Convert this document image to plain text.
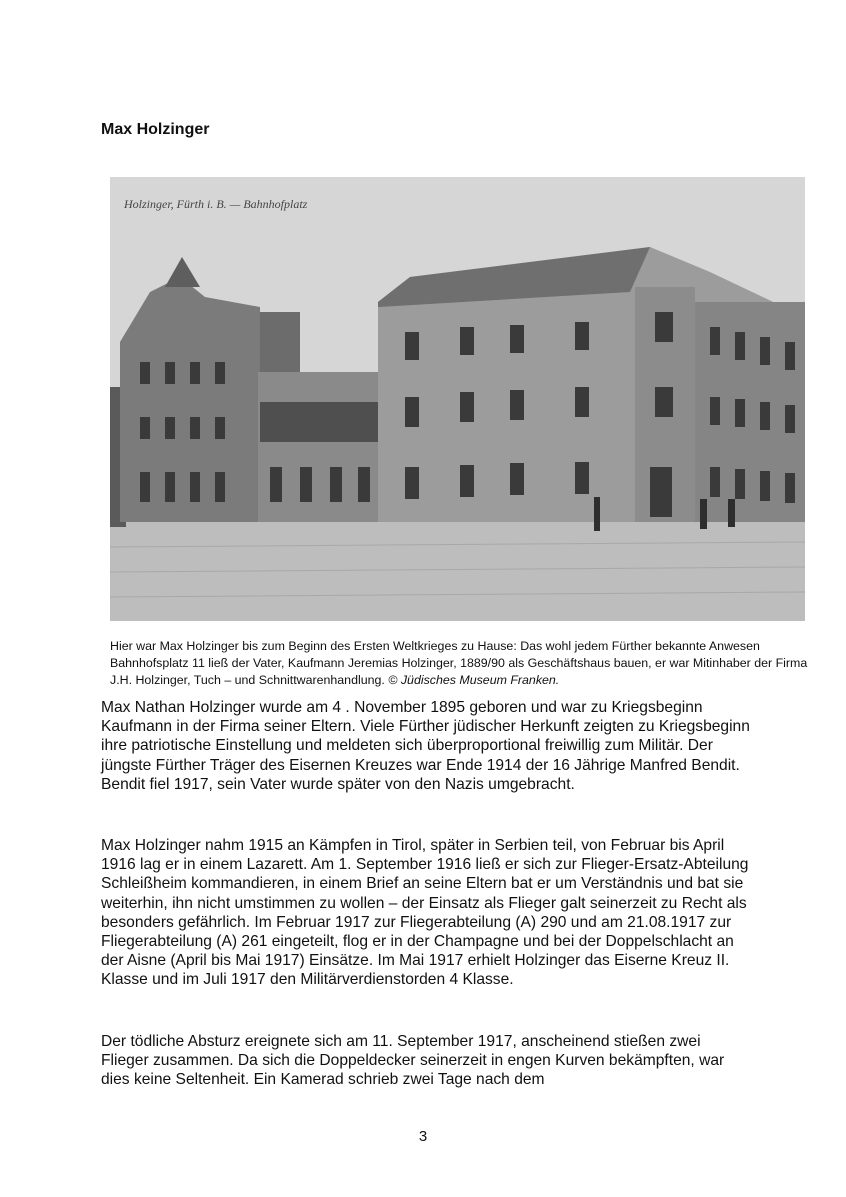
Max Holzinger
Holzinger, Fürth i. B. — Bahnhofplatz
Hier war Max Holzinger bis zum Beginn des Ersten Weltkrieges zu Hause: Das wohl jedem Fürther bekannte Anwesen Bahnhofsplatz 11 ließ der Vater, Kaufmann Jeremias Holzinger, 1889/90 als Geschäftshaus bauen, er war Mitinhaber der Firma J.H. Holzinger, Tuch – und Schnittwarenhandlung. © Jüdisches Museum Franken.

Max Nathan Holzinger wurde am 4 . November 1895 geboren und war zu Kriegsbeginn Kaufmann in der Firma seiner Eltern. Viele Fürther jüdischer Herkunft zeigten zu Kriegsbeginn ihre patriotische Einstellung und meldeten sich überproportional freiwillig zum Militär. Der jüngste Fürther Träger des Eisernen Kreuzes war Ende 1914 der 16 Jährige Manfred Bendit. Bendit fiel 1917, sein Vater wurde später von den Nazis umgebracht.

Max Holzinger nahm 1915 an Kämpfen in Tirol, später in Serbien teil, von Februar bis April 1916 lag er in einem Lazarett. Am 1. September 1916 ließ er sich zur Flieger-Ersatz-Abteilung Schleißheim kommandieren, in einem Brief an seine Eltern bat er um Verständnis und bat sie weiterhin, ihn nicht umstimmen zu wollen – der Einsatz als Flieger galt seinerzeit zu Recht als besonders gefährlich. Im Februar 1917 zur Fliegerabteilung (A) 290 und am 21.08.1917 zur Fliegerabteilung (A) 261 eingeteilt, flog er in der Champagne und bei der Doppelschlacht an der Aisne (April bis Mai 1917) Einsätze. Im Mai 1917 erhielt Holzinger das Eiserne Kreuz II. Klasse und im Juli 1917 den Militärverdienstorden 4 Klasse.

Der tödliche Absturz ereignete sich am 11. September 1917, anscheinend stießen zwei Flieger zusammen. Da sich die Doppeldecker seinerzeit in engen Kurven bekämpften, war dies keine Seltenheit. Ein Kamerad schrieb zwei Tage nach dem

3
